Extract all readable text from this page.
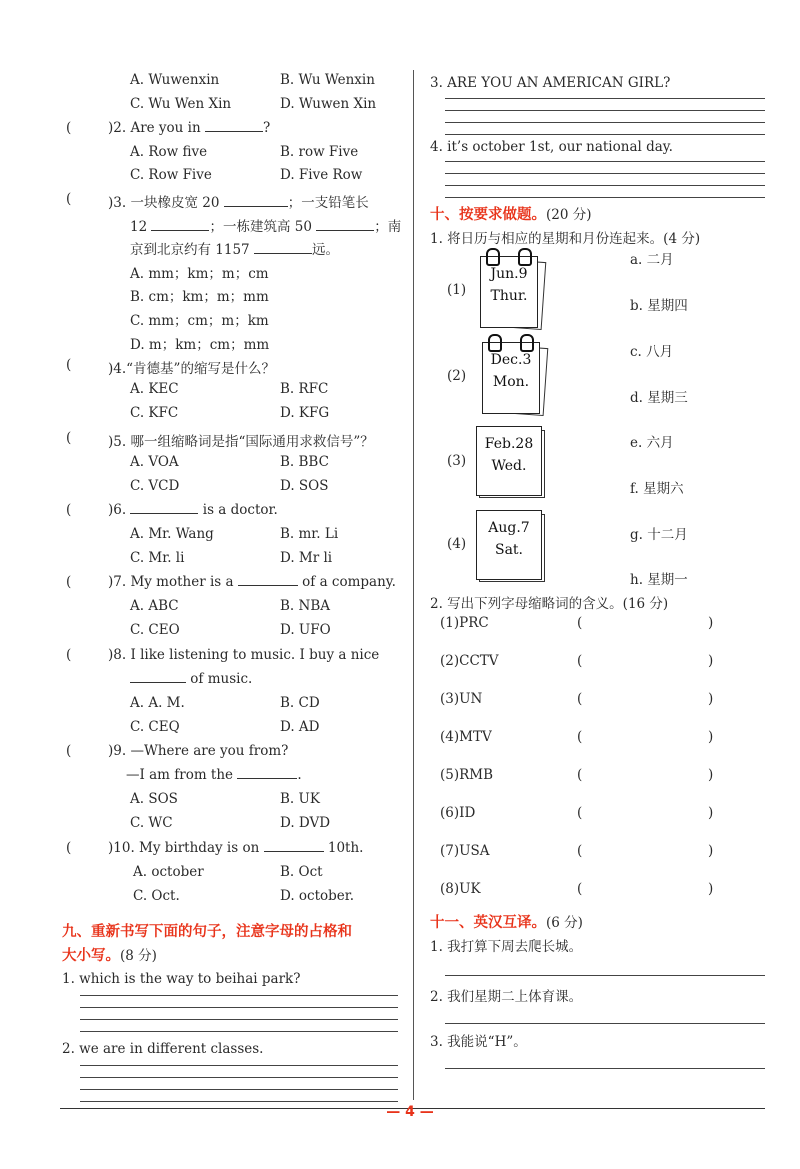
A. Wuwenxin	B. Wu Wenxin
C. Wu Wen Xin	D. Wuwen Xin
(	)2. Are you in	?
A. Row five	B. row Five
C. Row Five	D. Five Row
(	)3. 一块橡皮宽 20	；一支铅笔长
12	；一栋建筑高 50	；南
京到北京约有 1157	远。
A. mm；km；m；cm
B. cm；km；m；mm
C. mm；cm；m；km
D. m；km；cm；mm
(	)4.“肯德基”的缩写是什么？
A. KEC	B. RFC
C. KFC	D. KFG
(	)5. 哪一组缩略词是指“国际通用求救信号”？
A. VOA	B. BBC
C. VCD	D. SOS
(	)6.	is a doctor.
A. Mr. Wang	B. mr. Li
C. Mr. li	D. Mr li
(	)7. My mother is a	of a company.
A. ABC	B. NBA
C. CEO	D. UFO
(	)8. I like listening to music. I buy a nice
of music.
A. A. M.	B. CD
C. CEQ	D. AD
(	)9. —Where are you from?
—I am from the	.
A. SOS	B. UK
C. WC	D. DVD
(	)10. My birthday is on	10th.
A. october	B. Oct
C. Oct.	D. october.
九、重新书写下面的句子，注意字母的占格和
大小写。(8 分)
1. which is the way to beihai park?
2. we are in different classes.
3. ARE YOU AN AMERICAN GIRL?
4. it’s october 1st, our national day.
十、按要求做题。(20 分)
1. 将日历与相应的星期和月份连起来。(4 分)
(1)
Jun.9
Thur.
(2)
Dec.3
Mon.
(3)
Feb.28
Wed.
(4)
Aug.7
Sat.
a. 二月
b. 星期四
c. 八月
d. 星期三
e. 六月
f. 星期六
g. 十二月
h. 星期一
2. 写出下列字母缩略词的含义。(16 分)
(1)PRC	(	)
(2)CCTV	(	)
(3)UN	(	)
(4)MTV	(	)
(5)RMB	(	)
(6)ID	(	)
(7)USA	(	)
(8)UK	(	)
十一、英汉互译。(6 分)
1. 我打算下周去爬长城。
2. 我们星期二上体育课。
3. 我能说“H”。
— 4 —
